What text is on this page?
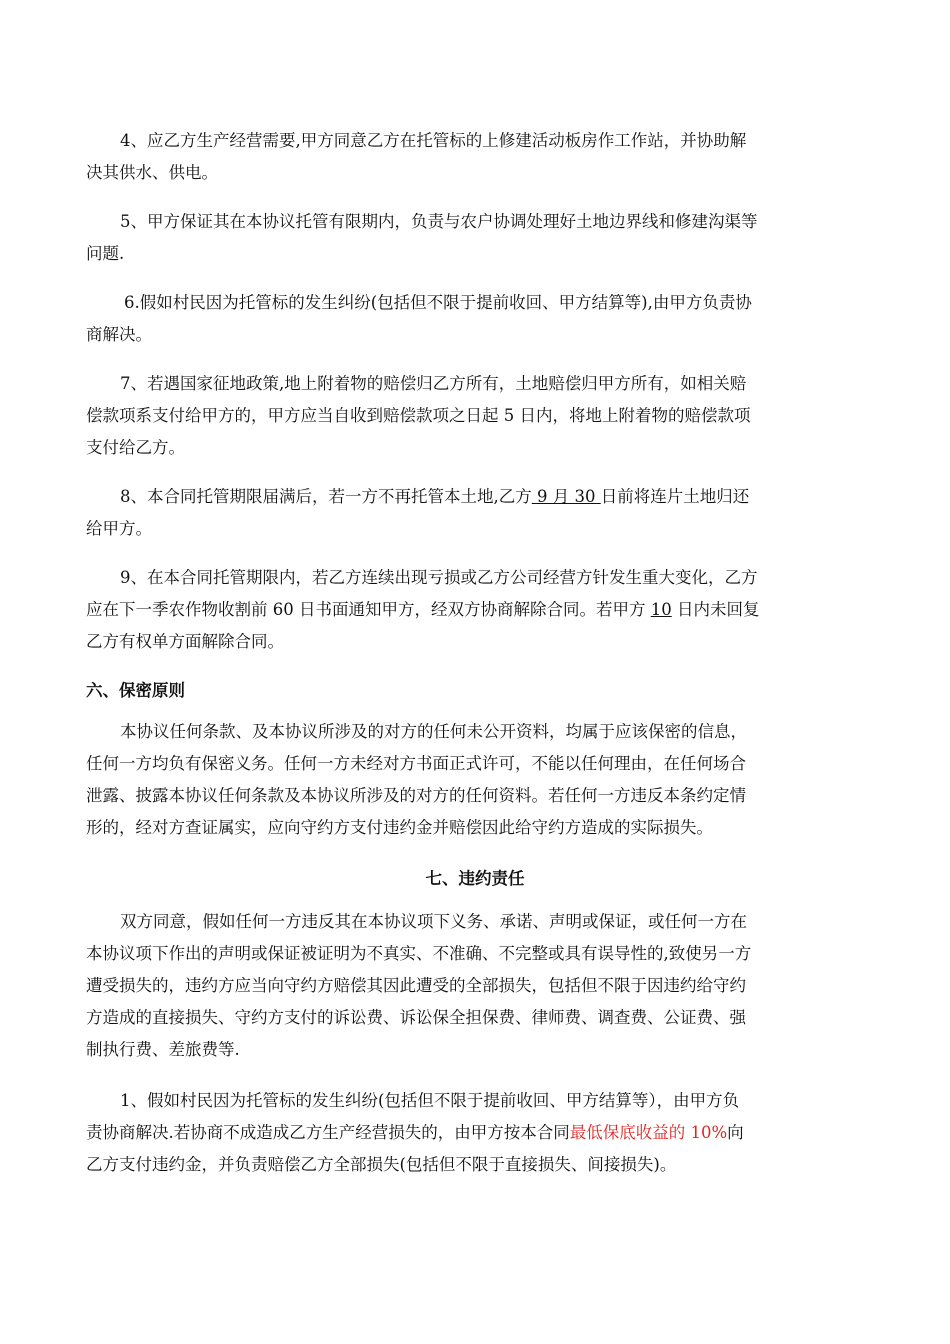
4、应乙方生产经营需要,甲方同意乙方在托管标的上修建活动板房作工作站，并协助解
决其供水、供电。

5、甲方保证其在本协议托管有限期内，负责与农户协调处理好土地边界线和修建沟渠等
问题.

6.假如村民因为托管标的发生纠纷(包括但不限于提前收回、甲方结算等),由甲方负责协
商解决。

7、若遇国家征地政策,地上附着物的赔偿归乙方所有，土地赔偿归甲方所有，如相关赔
偿款项系支付给甲方的，甲方应当自收到赔偿款项之日起 5 日内，将地上附着物的赔偿款项
支付给乙方。

8、本合同托管期限届满后，若一方不再托管本土地,乙方 9 月 30 日前将连片土地归还
给甲方。

9、在本合同托管期限内，若乙方连续出现亏损或乙方公司经营方针发生重大变化，乙方
应在下一季农作物收割前 60 日书面通知甲方，经双方协商解除合同。若甲方 10 日内未回复
乙方有权单方面解除合同。

六、保密原则

本协议任何条款、及本协议所涉及的对方的任何未公开资料，均属于应该保密的信息，
任何一方均负有保密义务。任何一方未经对方书面正式许可，不能以任何理由，在任何场合
泄露、披露本协议任何条款及本协议所涉及的对方的任何资料。若任何一方违反本条约定情
形的，经对方查证属实，应向守约方支付违约金并赔偿因此给守约方造成的实际损失。

七、违约责任

双方同意，假如任何一方违反其在本协议项下义务、承诺、声明或保证，或任何一方在
本协议项下作出的声明或保证被证明为不真实、不准确、不完整或具有误导性的,致使另一方
遭受损失的，违约方应当向守约方赔偿其因此遭受的全部损失，包括但不限于因违约给守约
方造成的直接损失、守约方支付的诉讼费、诉讼保全担保费、律师费、调查费、公证费、强
制执行费、差旅费等.

1、假如村民因为托管标的发生纠纷(包括但不限于提前收回、甲方结算等），由甲方负
责协商解决.若协商不成造成乙方生产经营损失的，由甲方按本合同最低保底收益的 10%向
乙方支付违约金，并负责赔偿乙方全部损失(包括但不限于直接损失、间接损失)。
